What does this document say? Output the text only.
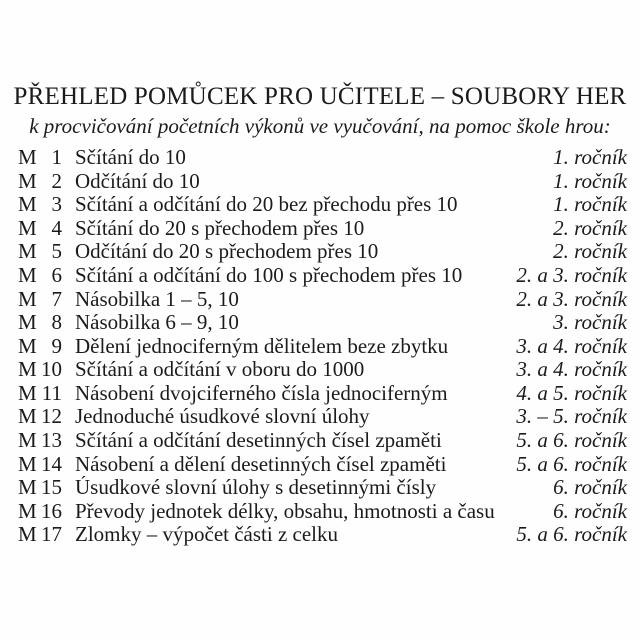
PŘEHLED POMŮCEK PRO UČITELE – SOUBORY HER
k procvičování početních výkonů ve vyučování, na pomoc škole hrou:
M 1 Sčítání do 10	1. ročník
M 2 Odčítání do 10	1. ročník
M 3 Sčítání a odčítání do 20 bez přechodu přes 10	1. ročník
M 4 Sčítání do 20 s přechodem přes 10	2. ročník
M 5 Odčítání do 20 s přechodem přes 10	2. ročník
M 6 Sčítání a odčítání do 100 s přechodem přes 10	2. a 3. ročník
M 7 Násobilka 1 – 5, 10	2. a 3. ročník
M 8 Násobilka 6 – 9, 10	3. ročník
M 9 Dělení jednociferným dělitelem beze zbytku	3. a 4. ročník
M 10 Sčítání a odčítání v oboru do 1000	3. a 4. ročník
M 11 Násobení dvojciferného čísla jednociferným	4. a 5. ročník
M 12 Jednoduché úsudkové slovní úlohy	3. – 5. ročník
M 13 Sčítání a odčítání desetinných čísel zpaměti	5. a 6. ročník
M 14 Násobení a dělení desetinných čísel zpaměti	5. a 6. ročník
M 15 Úsudkové slovní úlohy s desetinnými čísly	6. ročník
M 16 Převody jednotek délky, obsahu, hmotnosti a času	6. ročník
M 17 Zlomky – výpočet části z celku	5. a 6. ročník
